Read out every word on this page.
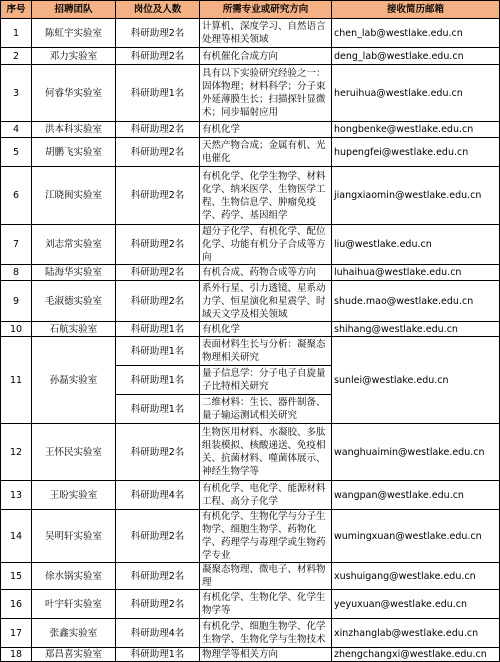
序号	招聘团队	岗位及人数	所需专业或研究方向	接收简历邮箱
1	陈虹宇实验室	科研助理2名	计算机、深度学习、自然语言处理等相关领域	chen_lab@westlake.edu.cn
2	邓力实验室	科研助理2名	有机催化合成方向	deng_lab@westlake.edu.cn
3	何睿华实验室	科研助理1名	具有以下实验研究经验之一：固体物理；材料科学；分子束外延薄膜生长；扫描探针显微术；同步辐射应用	heruihua@westlake.edu.cn
4	洪本科实验室	科研助理2名	有机化学	hongbenke@westlake.edu.cn
5	胡鹏飞实验室	科研助理2名	天然产物合成；金属有机、光电催化	hupengfei@westlake.edu.cn
6	江晓闽实验室	科研助理2名	有机化学、化学生物学、材料化学、纳米医学、生物医学工程、生物信息学、肿瘤免疫学、药学、基因组学	jiangxiaomin@westlake.edu.cn
7	刘志常实验室	科研助理2名	超分子化学、有机化学、配位化学、功能有机分子合成等方向	liu@westlake.edu.cn
8	陆海华实验室	科研助理2名	有机合成、药物合成等方向	luhaihua@westlake.edu.cn
9	毛淑德实验室	科研助理2名	系外行星、引力透镜、星系动力学、恒星演化和星震学、时域天文学及相关领域	shude.mao@westlake.edu.cn
10	石航实验室	科研助理1名	有机化学	shihang@westlake.edu.cn
11	孙磊实验室	科研助理1名	表面材料生长与分析：凝聚态物理相关研究	sunlei@westlake.edu.cn
		科研助理1名	量子信息学：分子电子自旋量子比特相关研究	
		科研助理1名	二维材料：生长、器件制备、量子输运测试相关研究	
12	王怀民实验室	科研助理2名	生物医用材料、水凝胶、多肽组装模拟、核酸递送、免疫相关、抗菌材料、噬菌体展示、神经生物学等	wanghuaimin@westlake.edu.cn
13	王盼实验室	科研助理4名	有机化学、电化学、能源材料工程、高分子化学	wangpan@westlake.edu.cn
14	吴明轩实验室	科研助理2名	有机化学、生物化学与分子生物学、细胞生物学、药物化学、药理学与毒理学或生物药学专业	wumingxuan@westlake.edu.cn
15	徐水锅实验室	科研助理2名	凝聚态物理、微电子、材料物理	xushuigang@westlake.edu.cn
16	叶宇轩实验室	科研助理2名	有机化学、生物化学、化学生物学等	yeyuxuan@westlake.edu.cn
17	张鑫实验室	科研助理4名	有机化学、细胞生物学、化学生物学、生物化学与生物技术	xinzhanglab@westlake.edu.cn
18	郑昌喜实验室	科研助理1名	物理学等相关方向	zhengchangxi@westlake.edu.cn
